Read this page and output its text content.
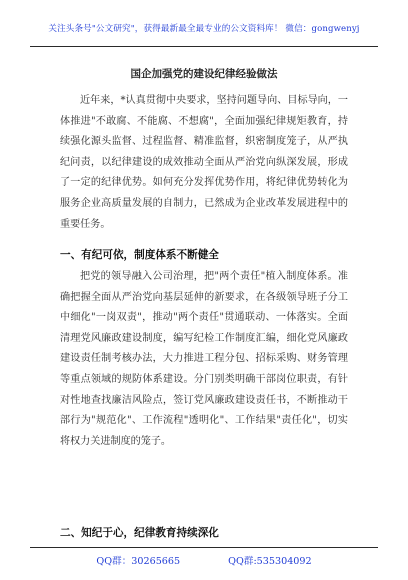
关注头条号"公文研究"，获得最新最全最专业的公文资料库！ 微信：gongwenyj
国企加强党的建设纪律经验做法

近年来，*认真贯彻中央要求，坚持问题导向、目标导向，一体推进"不敢腐、不能腐、不想腐"，全面加强纪律规矩教育，持续强化源头监督、过程监督、精准监督，织密制度笼子，从严执纪问责，以纪律建设的成效推动全面从严治党向纵深发展，形成了一定的纪律优势。如何充分发挥优势作用，将纪律优势转化为服务企业高质量发展的自制力，已然成为企业改革发展进程中的重要任务。

一、有纪可依，制度体系不断健全

把党的领导融入公司治理，把"两个责任"植入制度体系。准确把握全面从严治党向基层延伸的新要求，在各级领导班子分工中细化"一岗双责"，推动"两个责任"贯通联动、一体落实。全面清理党风廉政建设制度，编写纪检工作制度汇编，细化党风廉政建设责任制考核办法，大力推进工程分包、招标采购、财务管理等重点领域的规防体系建设。分门别类明确干部岗位职责，有针对性地查找廉洁风险点，签订党风廉政建设责任书，不断推动干部行为"规范化"、工作流程"透明化"、工作结果"责任化"，切实将权力关进制度的笼子。

二、知纪于心，纪律教育持续深化

QQ群：30265665	QQ群:535304092
